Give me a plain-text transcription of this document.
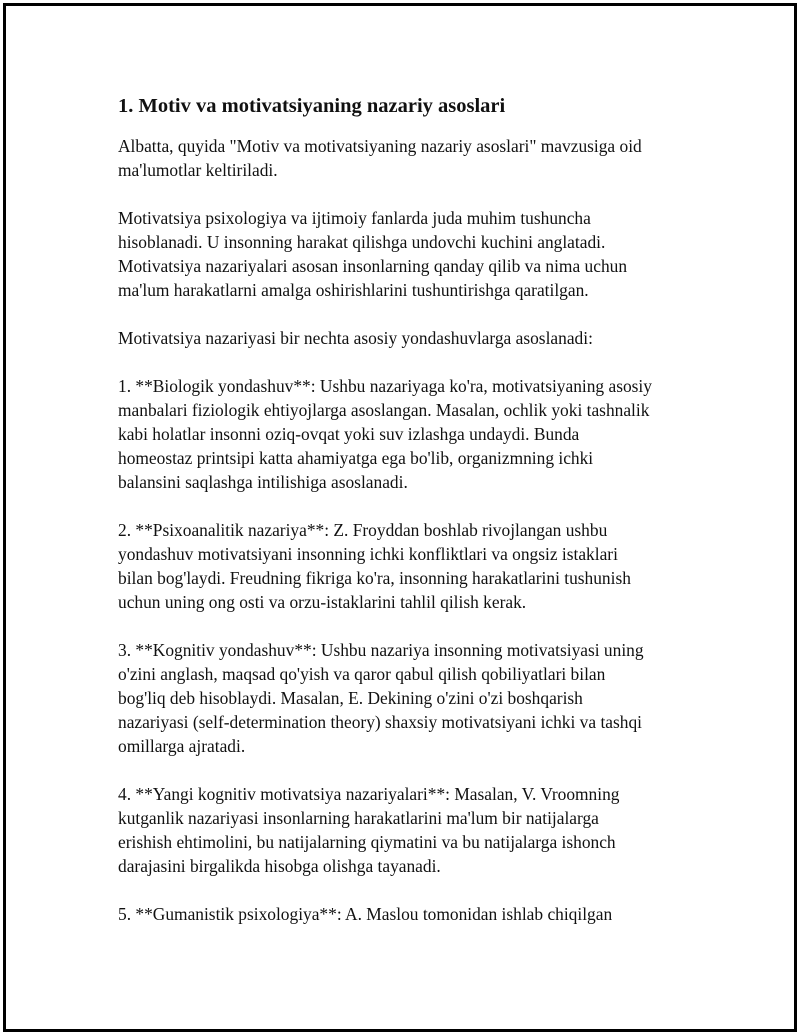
1. Motiv va motivatsiyaning nazariy asoslari
Albatta, quyida "Motiv va motivatsiyaning nazariy asoslari" mavzusiga oid
ma'lumotlar keltiriladi.
Motivatsiya psixologiya va ijtimoiy fanlarda juda muhim tushuncha
hisoblanadi. U insonning harakat qilishga undovchi kuchini anglatadi.
Motivatsiya nazariyalari asosan insonlarning qanday qilib va nima uchun
ma'lum harakatlarni amalga oshirishlarini tushuntirishga qaratilgan.
Motivatsiya nazariyasi bir nechta asosiy yondashuvlarga asoslanadi:
1. **Biologik yondashuv**: Ushbu nazariyaga ko'ra, motivatsiyaning asosiy
manbalari fiziologik ehtiyojlarga asoslangan. Masalan, ochlik yoki tashnalik
kabi holatlar insonni oziq-ovqat yoki suv izlashga undaydi. Bunda
homeostaz printsipi katta ahamiyatga ega bo'lib, organizmning ichki
balansini saqlashga intilishiga asoslanadi.
2. **Psixoanalitik nazariya**: Z. Froyddan boshlab rivojlangan ushbu
yondashuv motivatsiyani insonning ichki konfliktlari va ongsiz istaklari
bilan bog'laydi. Freudning fikriga ko'ra, insonning harakatlarini tushunish
uchun uning ong osti va orzu-istaklarini tahlil qilish kerak.
3. **Kognitiv yondashuv**: Ushbu nazariya insonning motivatsiyasi uning
o'zini anglash, maqsad qo'yish va qaror qabul qilish qobiliyatlari bilan
bog'liq deb hisoblaydi. Masalan, E. Dekining o'zini o'zi boshqarish
nazariyasi (self-determination theory) shaxsiy motivatsiyani ichki va tashqi
omillarga ajratadi.
4. **Yangi kognitiv motivatsiya nazariyalari**: Masalan, V. Vroomning
kutganlik nazariyasi insonlarning harakatlarini ma'lum bir natijalarga
erishish ehtimolini, bu natijalarning qiymatini va bu natijalarga ishonch
darajasini birgalikda hisobga olishga tayanadi.
5. **Gumanistik psixologiya**: A. Maslou tomonidan ishlab chiqilgan
